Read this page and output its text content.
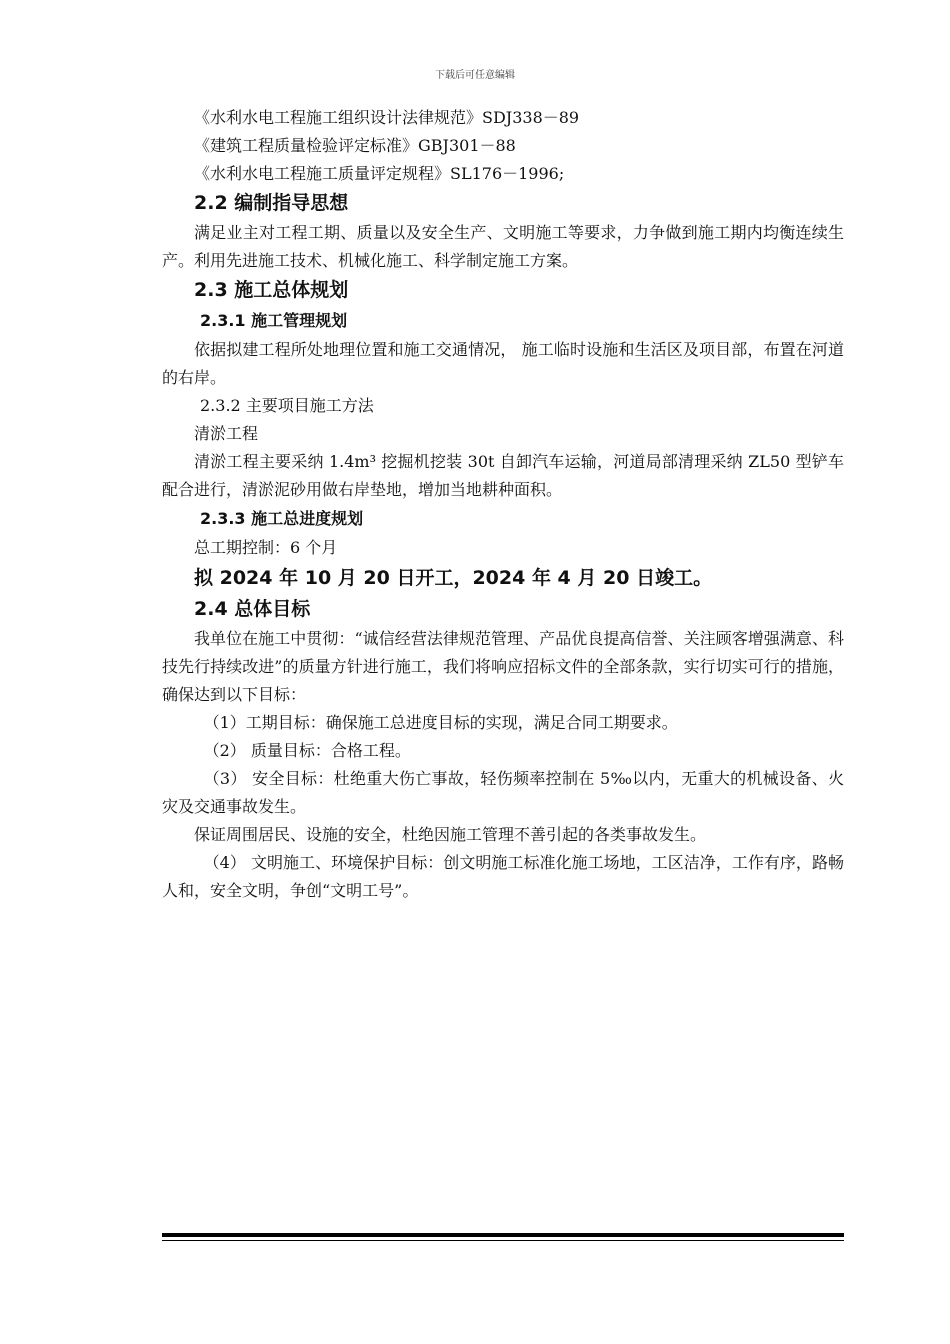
下载后可任意编辑

《水利水电工程施工组织设计法律规范》SDJ338－89

《建筑工程质量检验评定标准》GBJ301－88

《水利水电工程施工质量评定规程》SL176－1996;

2.2 编制指导思想

满足业主对工程工期、质量以及安全生产、文明施工等要求，力争做到施工期内均衡连续生产。利用先进施工技术、机械化施工、科学制定施工方案。

2.3 施工总体规划
2.3.1 施工管理规划

依据拟建工程所处地理位置和施工交通情况， 施工临时设施和生活区及项目部，布置在河道的右岸。

2.3.2 主要项目施工方法

清淤工程

清淤工程主要采纳 1.4m³ 挖掘机挖装 30t 自卸汽车运输，河道局部清理采纳 ZL50 型铲车配合进行，清淤泥砂用做右岸垫地，增加当地耕种面积。

2.3.3 施工总进度规划

总工期控制：6 个月

拟 2024 年 10 月 20 日开工，2024 年 4 月 20 日竣工。

2.4 总体目标

我单位在施工中贯彻：“诚信经营法律规范管理、产品优良提高信誉、关注顾客增强满意、科技先行持续改进”的质量方针进行施工，我们将响应招标文件的全部条款，实行切实可行的措施，确保达到以下目标：

（1）工期目标：确保施工总进度目标的实现，满足合同工期要求。

（2） 质量目标：合格工程。

（3） 安全目标：杜绝重大伤亡事故，轻伤频率控制在 5‰以内，无重大的机械设备、火灾及交通事故发生。

保证周围居民、设施的安全，杜绝因施工管理不善引起的各类事故发生。

（4） 文明施工、环境保护目标：创文明施工标准化施工场地，工区洁净，工作有序，路畅人和，安全文明，争创“文明工号”。
